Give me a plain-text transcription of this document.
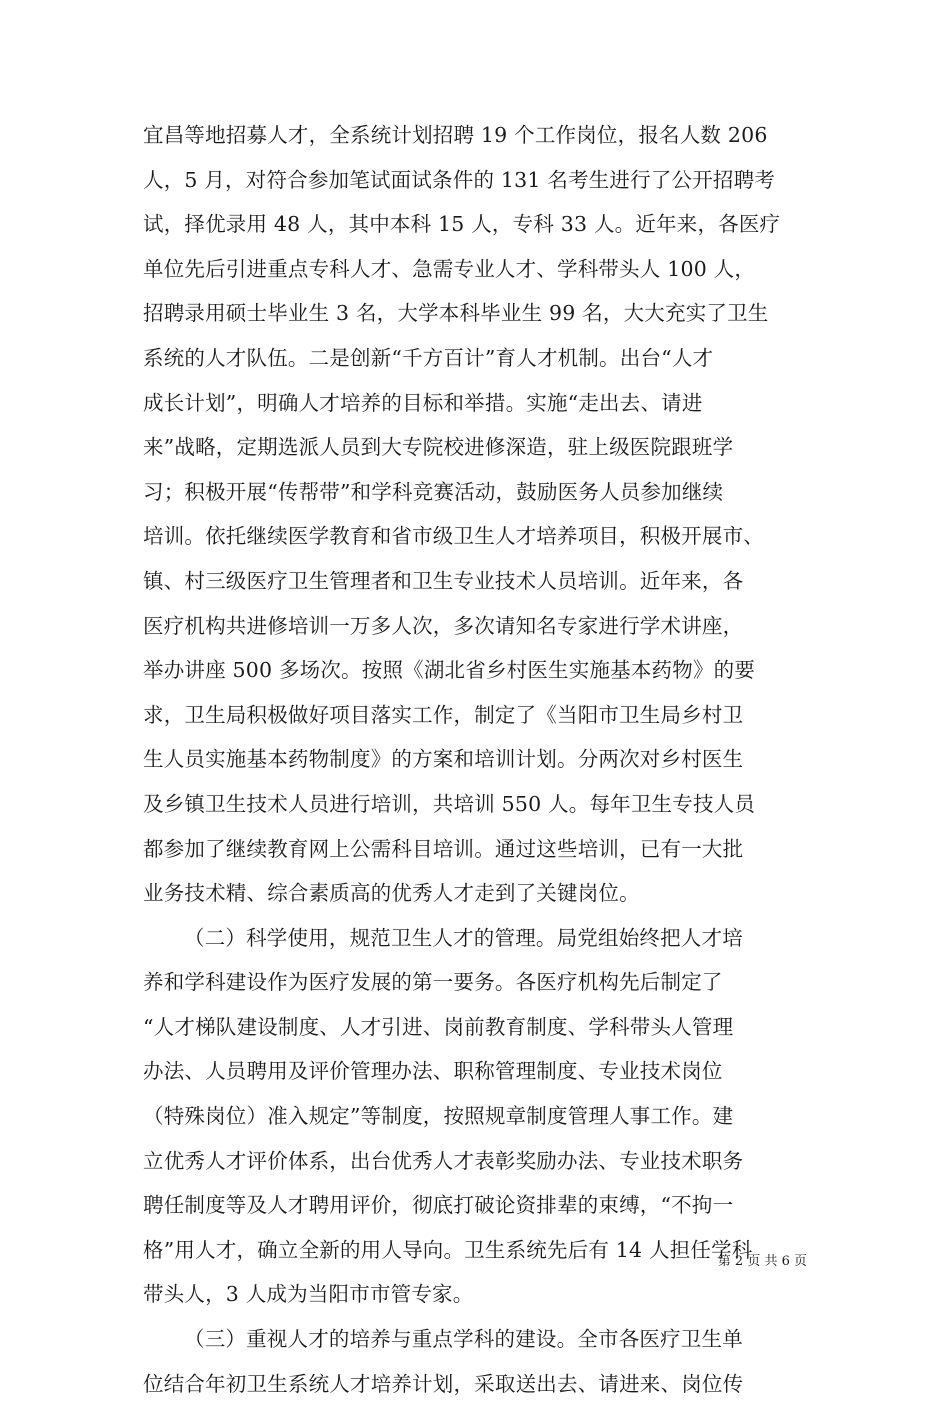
宜昌等地招募人才，全系统计划招聘 19 个工作岗位，报名人数 206
人，5 月，对符合参加笔试面试条件的 131 名考生进行了公开招聘考
试，择优录用 48 人，其中本科 15 人，专科 33 人。近年来，各医疗
单位先后引进重点专科人才、急需专业人才、学科带头人 100 人，
招聘录用硕士毕业生 3 名，大学本科毕业生 99 名，大大充实了卫生
系统的人才队伍。二是创新“千方百计”育人才机制。出台“人才
成长计划”，明确人才培养的目标和举措。实施“走出去、请进
来”战略，定期选派人员到大专院校进修深造，驻上级医院跟班学
习；积极开展“传帮带”和学科竞赛活动，鼓励医务人员参加继续
培训。依托继续医学教育和省市级卫生人才培养项目，积极开展市、
镇、村三级医疗卫生管理者和卫生专业技术人员培训。近年来，各
医疗机构共进修培训一万多人次，多次请知名专家进行学术讲座，
举办讲座 500 多场次。按照《湖北省乡村医生实施基本药物》的要
求，卫生局积极做好项目落实工作，制定了《当阳市卫生局乡村卫
生人员实施基本药物制度》的方案和培训计划。分两次对乡村医生
及乡镇卫生技术人员进行培训，共培训 550 人。每年卫生专技人员
都参加了继续教育网上公需科目培训。通过这些培训，已有一大批
业务技术精、综合素质高的优秀人才走到了关键岗位。
（二）科学使用，规范卫生人才的管理。局党组始终把人才培
养和学科建设作为医疗发展的第一要务。各医疗机构先后制定了
“人才梯队建设制度、人才引进、岗前教育制度、学科带头人管理
办法、人员聘用及评价管理办法、职称管理制度、专业技术岗位
（特殊岗位）准入规定”等制度，按照规章制度管理人事工作。建
立优秀人才评价体系，出台优秀人才表彰奖励办法、专业技术职务
聘任制度等及人才聘用评价，彻底打破论资排辈的束缚，“不拘一
格”用人才，确立全新的用人导向。卫生系统先后有 14 人担任学科
带头人，3 人成为当阳市市管专家。
（三）重视人才的培养与重点学科的建设。全市各医疗卫生单
位结合年初卫生系统人才培养计划，采取送出去、请进来、岗位传
第 2 页 共 6 页
